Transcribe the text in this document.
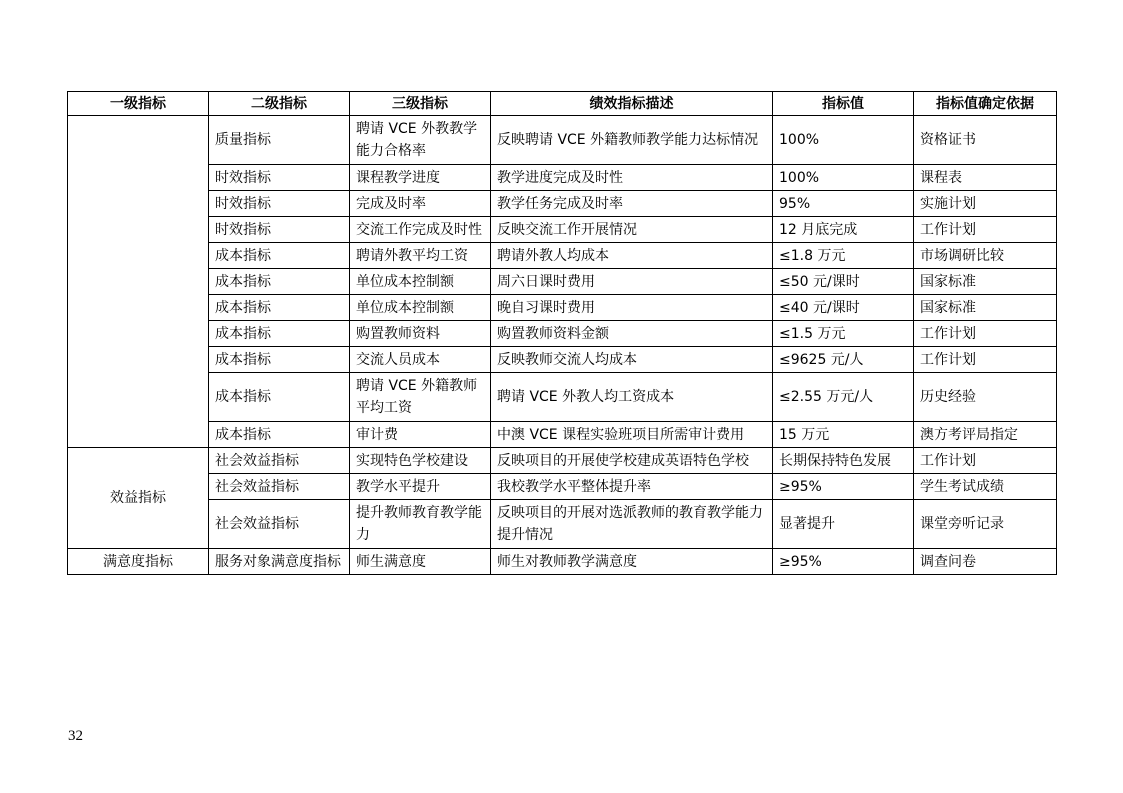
一级指标	二级指标	三级指标	绩效指标描述	指标值	指标值确定依据
	质量指标	聘请 VCE 外教教学能力合格率	反映聘请 VCE 外籍教师教学能力达标情况	100%	资格证书
	时效指标	课程教学进度	教学进度完成及时性	100%	课程表
	时效指标	完成及时率	教学任务完成及时率	95%	实施计划
	时效指标	交流工作完成及时性	反映交流工作开展情况	12 月底完成	工作计划
	成本指标	聘请外教平均工资	聘请外教人均成本	≤1.8 万元	市场调研比较
	成本指标	单位成本控制额	周六日课时费用	≤50 元/课时	国家标准
	成本指标	单位成本控制额	晚自习课时费用	≤40 元/课时	国家标准
	成本指标	购置教师资料	购置教师资料金额	≤1.5 万元	工作计划
	成本指标	交流人员成本	反映教师交流人均成本	≤9625 元/人	工作计划
	成本指标	聘请 VCE 外籍教师平均工资	聘请 VCE 外教人均工资成本	≤2.55 万元/人	历史经验
	成本指标	审计费	中澳 VCE 课程实验班项目所需审计费用	15 万元	澳方考评局指定
效益指标	社会效益指标	实现特色学校建设	反映项目的开展使学校建成英语特色学校	长期保持特色发展	工作计划
	社会效益指标	教学水平提升	我校教学水平整体提升率	≥95%	学生考试成绩
	社会效益指标	提升教师教育教学能力	反映项目的开展对选派教师的教育教学能力提升情况	显著提升	课堂旁听记录
满意度指标	服务对象满意度指标	师生满意度	师生对教师教学满意度	≥95%	调查问卷
32
